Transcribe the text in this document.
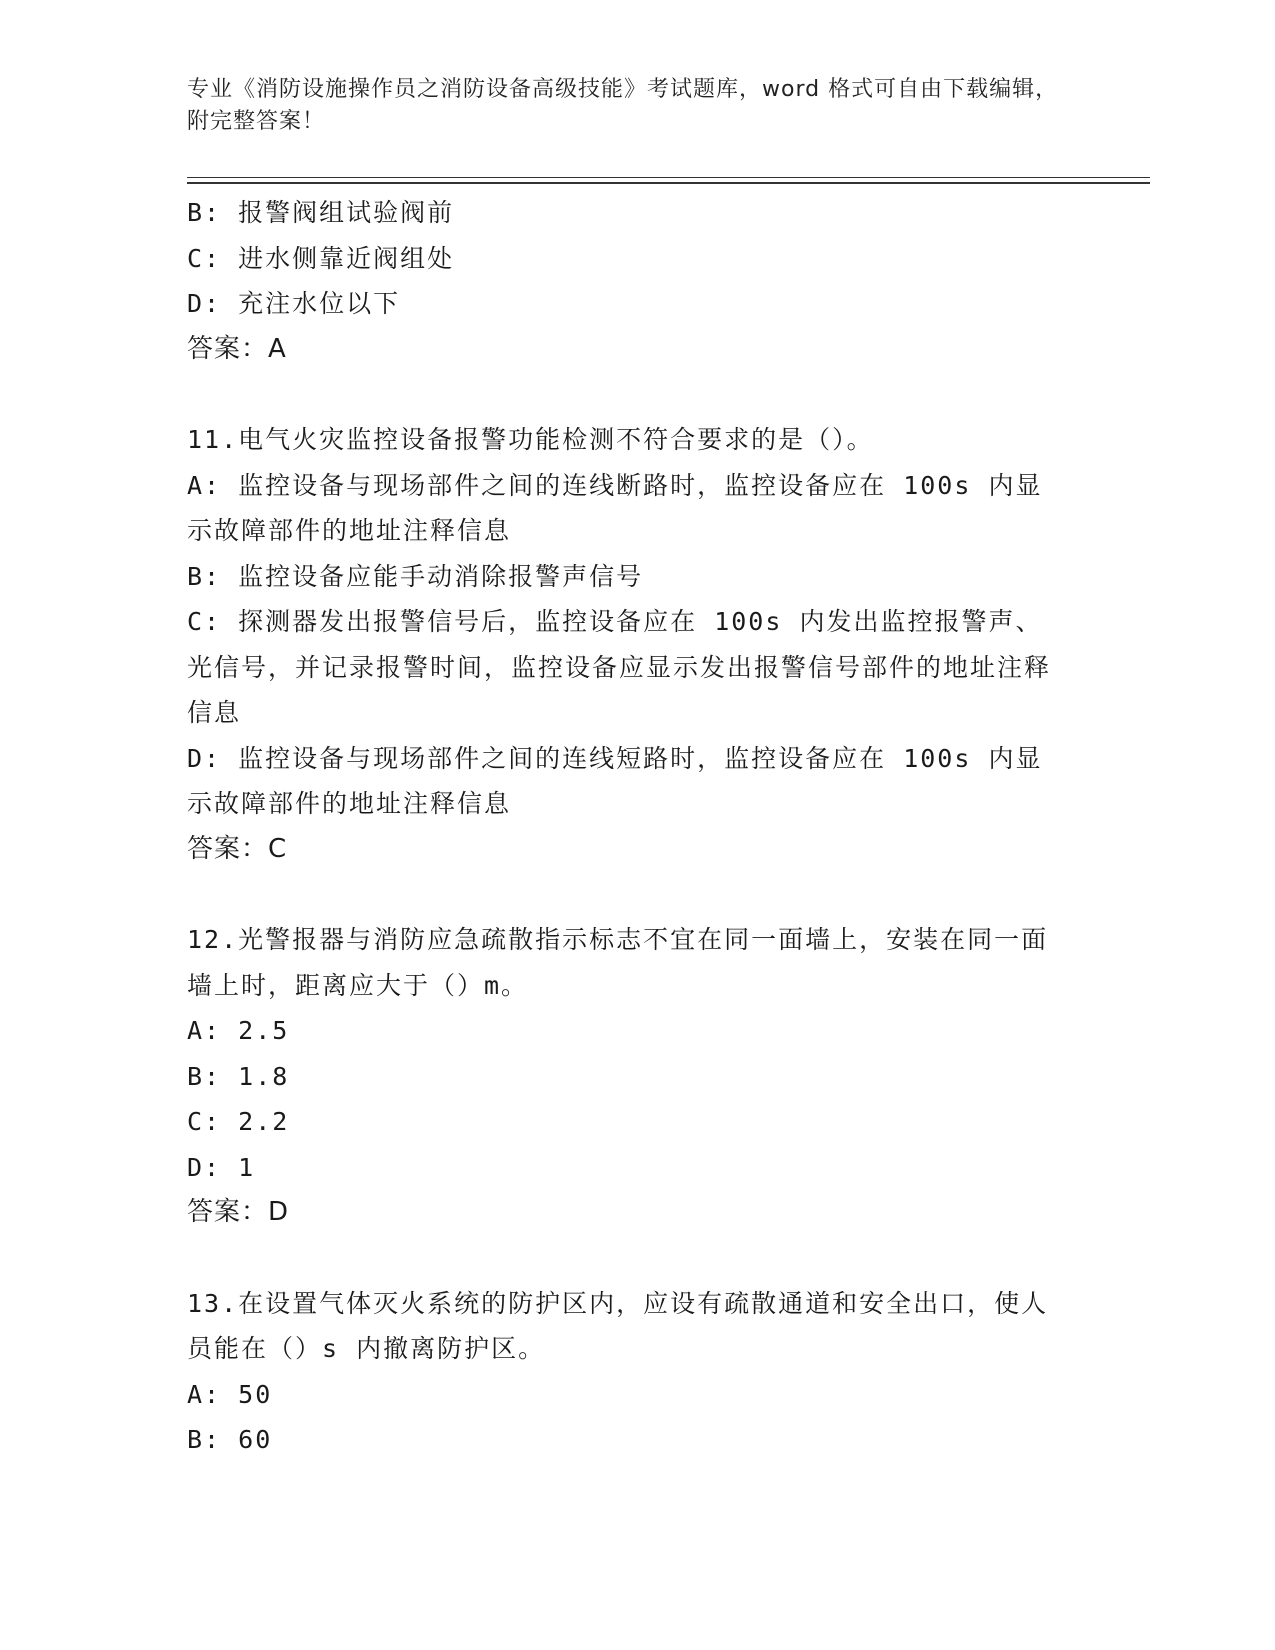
专业《消防设施操作员之消防设备高级技能》考试题库，word 格式可自由下载编辑，附完整答案！
B: 报警阀组试验阀前
C: 进水侧靠近阀组处
D: 充注水位以下
答案：A
11.电气火灾监控设备报警功能检测不符合要求的是（）。
A: 监控设备与现场部件之间的连线断路时，监控设备应在 100s 内显示故障部件的地址注释信息
B: 监控设备应能手动消除报警声信号
C: 探测器发出报警信号后，监控设备应在 100s 内发出监控报警声、光信号，并记录报警时间，监控设备应显示发出报警信号部件的地址注释信息
D: 监控设备与现场部件之间的连线短路时，监控设备应在 100s 内显示故障部件的地址注释信息
答案：C
12.光警报器与消防应急疏散指示标志不宜在同一面墙上，安装在同一面墙上时，距离应大于（）m。
A: 2.5
B: 1.8
C: 2.2
D: 1
答案：D
13.在设置气体灭火系统的防护区内，应设有疏散通道和安全出口，使人员能在（）s 内撤离防护区。
A: 50
B: 60
